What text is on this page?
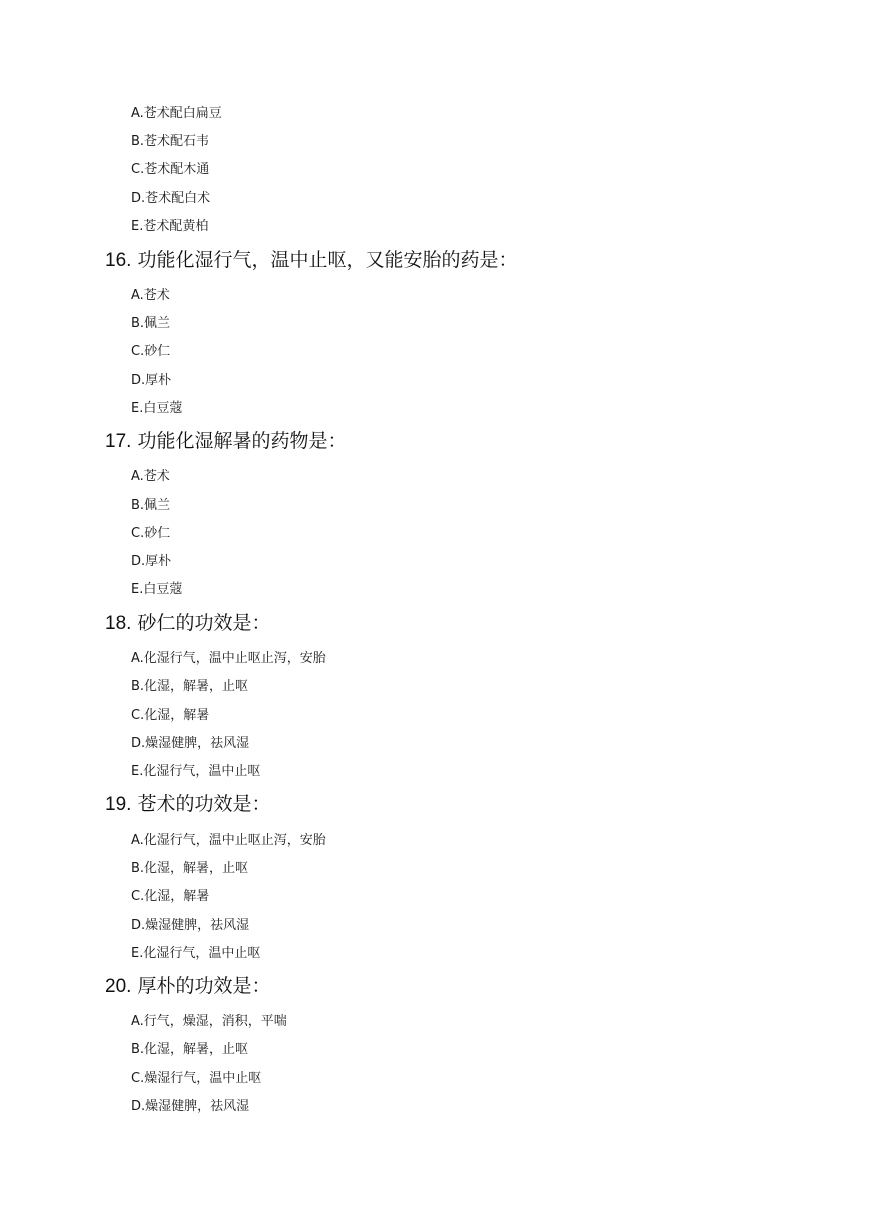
A.苍术配白扁豆
B.苍术配石韦
C.苍术配木通
D.苍术配白术
E.苍术配黄柏
16. 功能化湿行气，温中止呕，又能安胎的药是：
A.苍术
B.佩兰
C.砂仁
D.厚朴
E.白豆蔻
17. 功能化湿解暑的药物是：
A.苍术
B.佩兰
C.砂仁
D.厚朴
E.白豆蔻
18. 砂仁的功效是：
A.化湿行气，温中止呕止泻，安胎
B.化湿，解暑，止呕
C.化湿，解暑
D.燥湿健脾，祛风湿
E.化湿行气，温中止呕
19. 苍术的功效是：
A.化湿行气，温中止呕止泻，安胎
B.化湿，解暑，止呕
C.化湿，解暑
D.燥湿健脾，祛风湿
E.化湿行气，温中止呕
20. 厚朴的功效是：
A.行气，燥湿，消积，平喘
B.化湿，解暑，止呕
C.燥湿行气，温中止呕
D.燥湿健脾，祛风湿
